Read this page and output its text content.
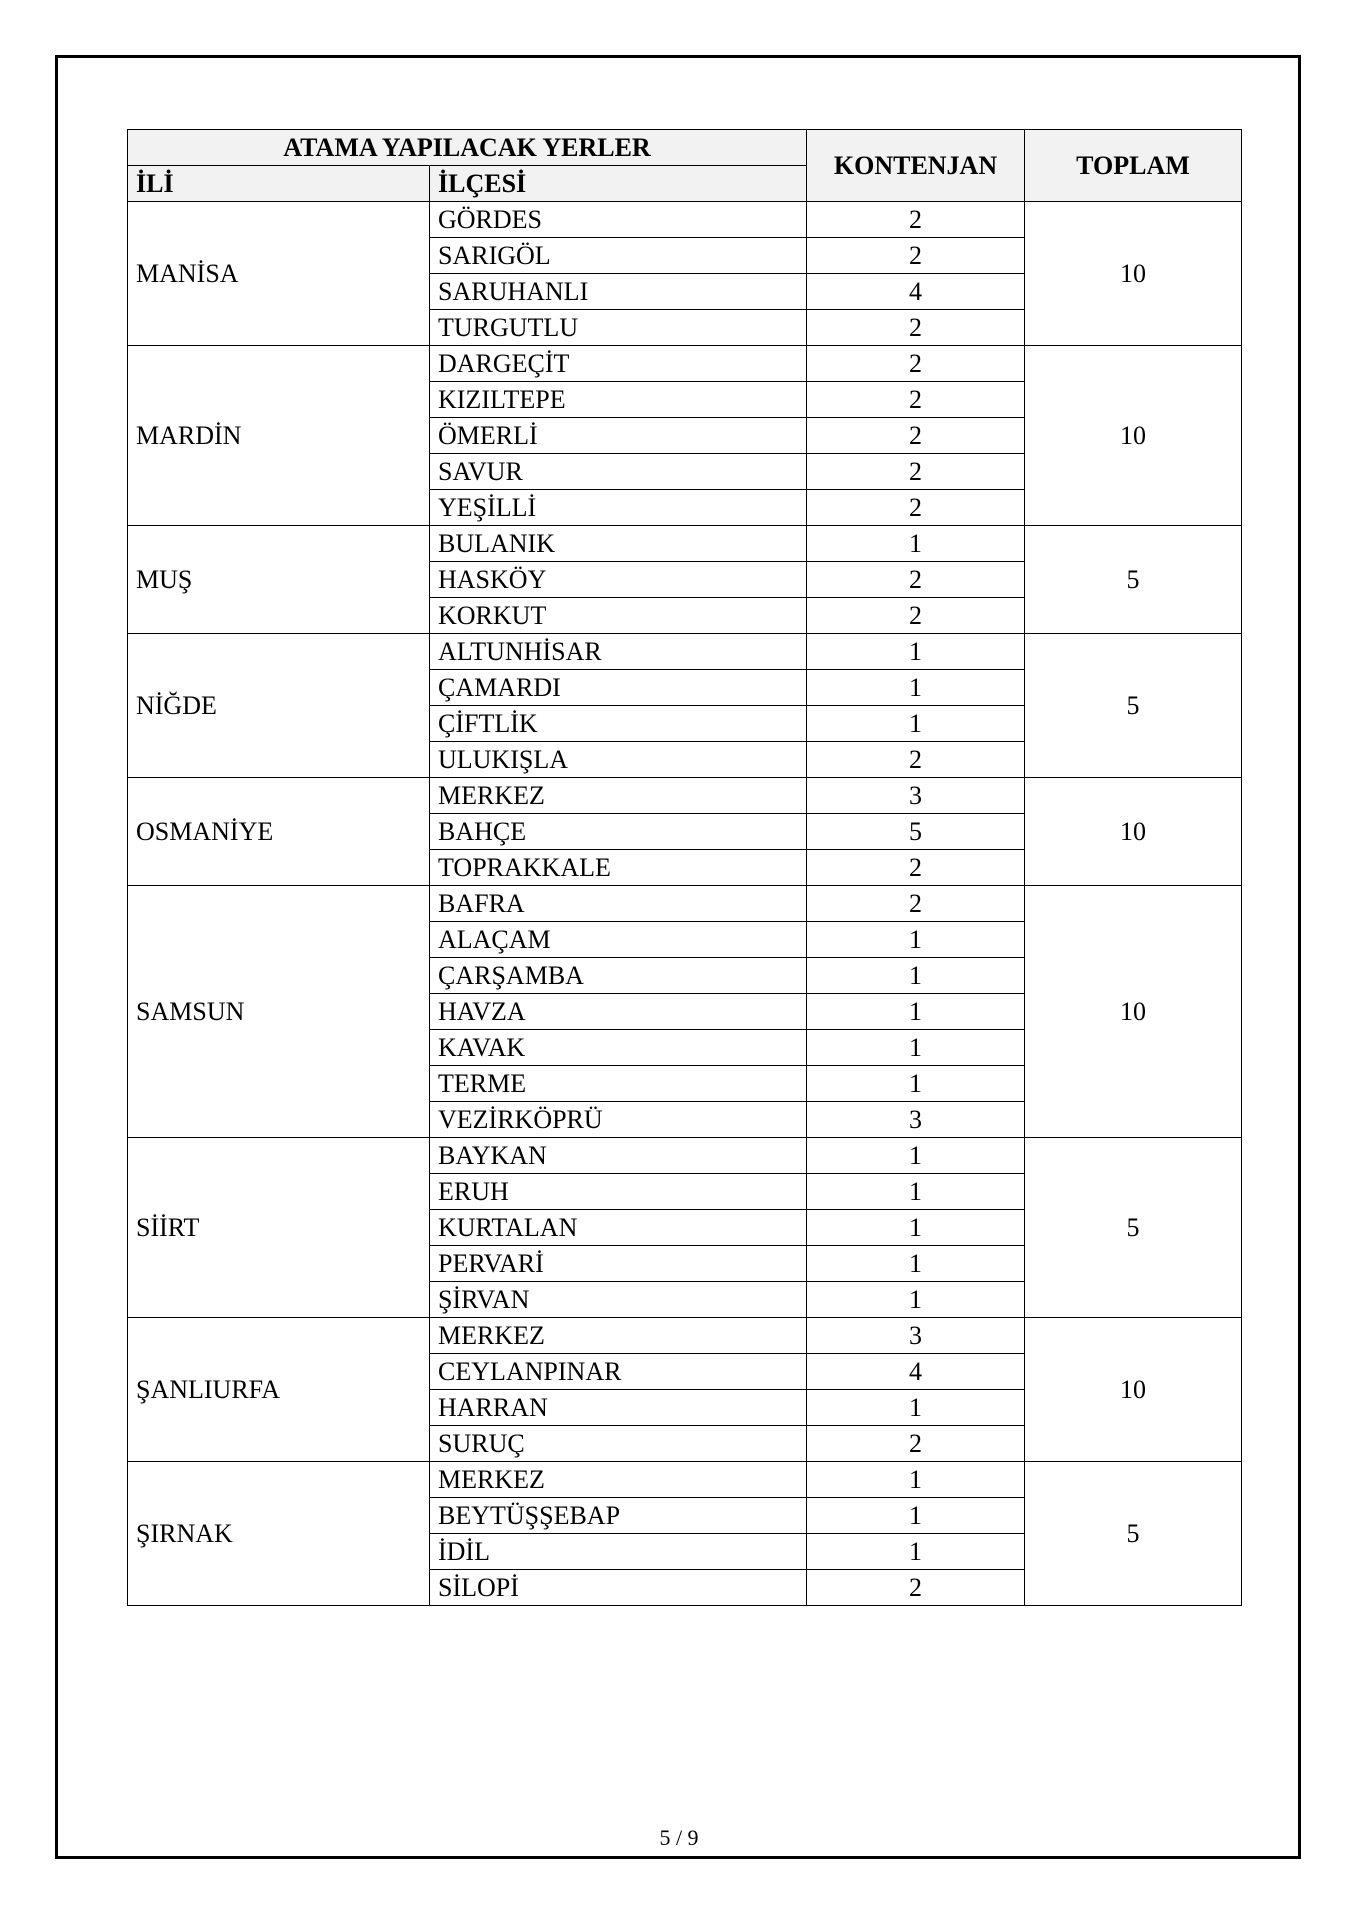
ATAMA YAPILACAK YERLER		KONTENJAN	TOPLAM
İLİ	İLÇESİ		
MANİSA	GÖRDES	2	10
	SARIGÖL	2	
	SARUHANLI	4	
	TURGUTLU	2	
MARDİN	DARGEÇİT	2	10
	KIZILTEPE	2	
	ÖMERLİ	2	
	SAVUR	2	
	YEŞİLLİ	2	
MUŞ	BULANIK	1	5
	HASKÖY	2	
	KORKUT	2	
NİĞDE	ALTUNHİSAR	1	5
	ÇAMARDI	1	
	ÇİFTLİK	1	
	ULUKIŞLA	2	
OSMANİYE	MERKEZ	3	10
	BAHÇE	5	
	TOPRAKKALE	2	
SAMSUN	BAFRA	2	10
	ALAÇAM	1	
	ÇARŞAMBA	1	
	HAVZA	1	
	KAVAK	1	
	TERME	1	
	VEZİRKÖPRÜ	3	
SİİRT	BAYKAN	1	5
	ERUH	1	
	KURTALAN	1	
	PERVARİ	1	
	ŞİRVAN	1	
ŞANLIURFA	MERKEZ	3	10
	CEYLANPINAR	4	
	HARRAN	1	
	SURUÇ	2	
ŞIRNAK	MERKEZ	1	5
	BEYTÜŞŞEBAP	1	
	İDİL	1	
	SİLOPİ	2	
5 / 9
